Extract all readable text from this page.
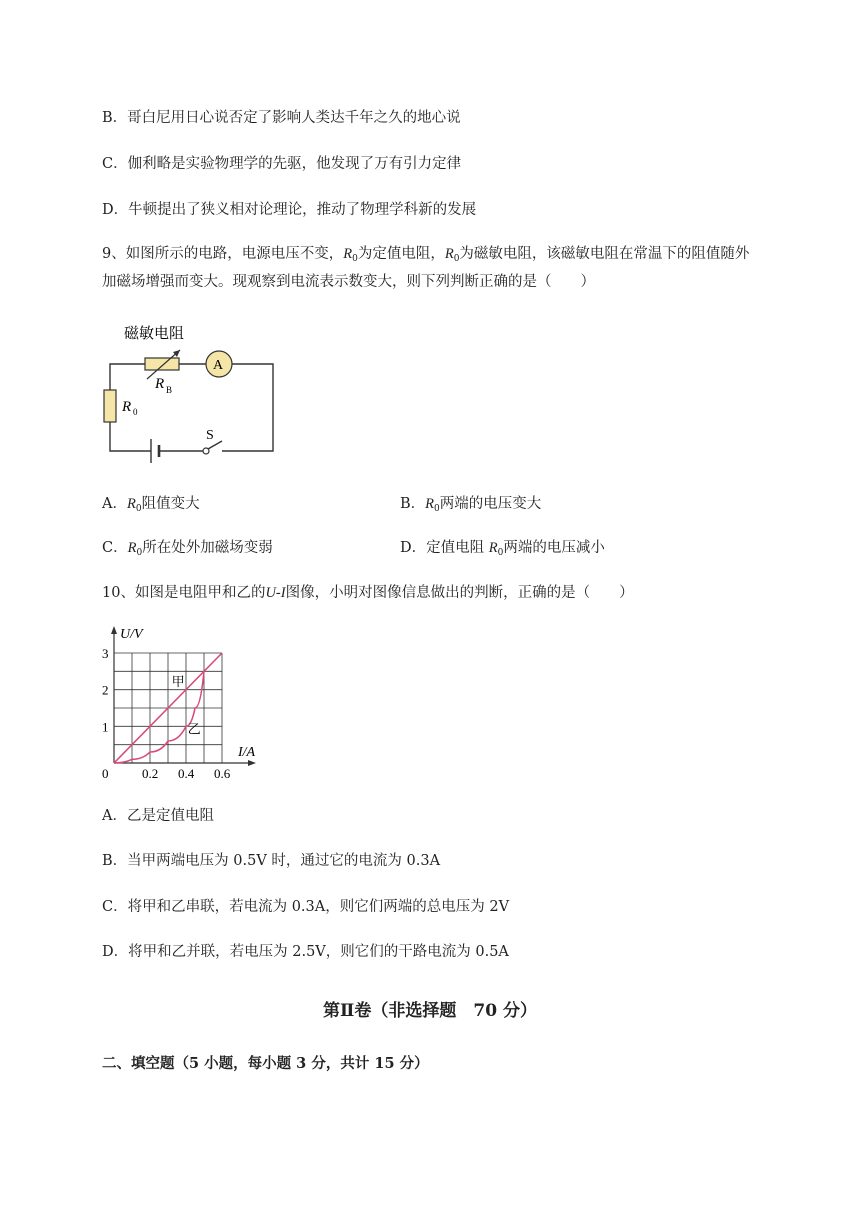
B．哥白尼用日心说否定了影响人类达千年之久的地心说
C．伽利略是实验物理学的先驱，他发现了万有引力定律
D．牛顿提出了狭义相对论理论，推动了物理学科新的发展
9、如图所示的电路，电源电压不变，$R_0$为定值电阻，$R_0$为磁敏电阻，该磁敏电阻在常温下的阻值随外
加磁场增强而变大。现观察到电流表示数变大，则下列判断正确的是（　　）
磁敏电阻
R B
A
R 0
S
A．$R_0$阻值变大	B．$R_0$两端的电压变大
C．$R_0$所在处外加磁场变弱	D．定值电阻 $R_0$两端的电压减小
10、如图是电阻甲和乙的U-I图像，小明对图像信息做出的判断，正确的是（　　）
甲
乙
0	0.2 0.4 0.6
1
2
3
I/A
U/V
A．乙是定值电阻
B．当甲两端电压为 0.5V 时，通过它的电流为 0.3A
C．将甲和乙串联，若电流为 0.3A，则它们两端的总电压为 2V
D．将甲和乙并联，若电压为 2.5V，则它们的干路电流为 0.5A
第Ⅱ卷（非选择题　70 分）
二、填空题（5 小题，每小题 3 分，共计 15 分）
